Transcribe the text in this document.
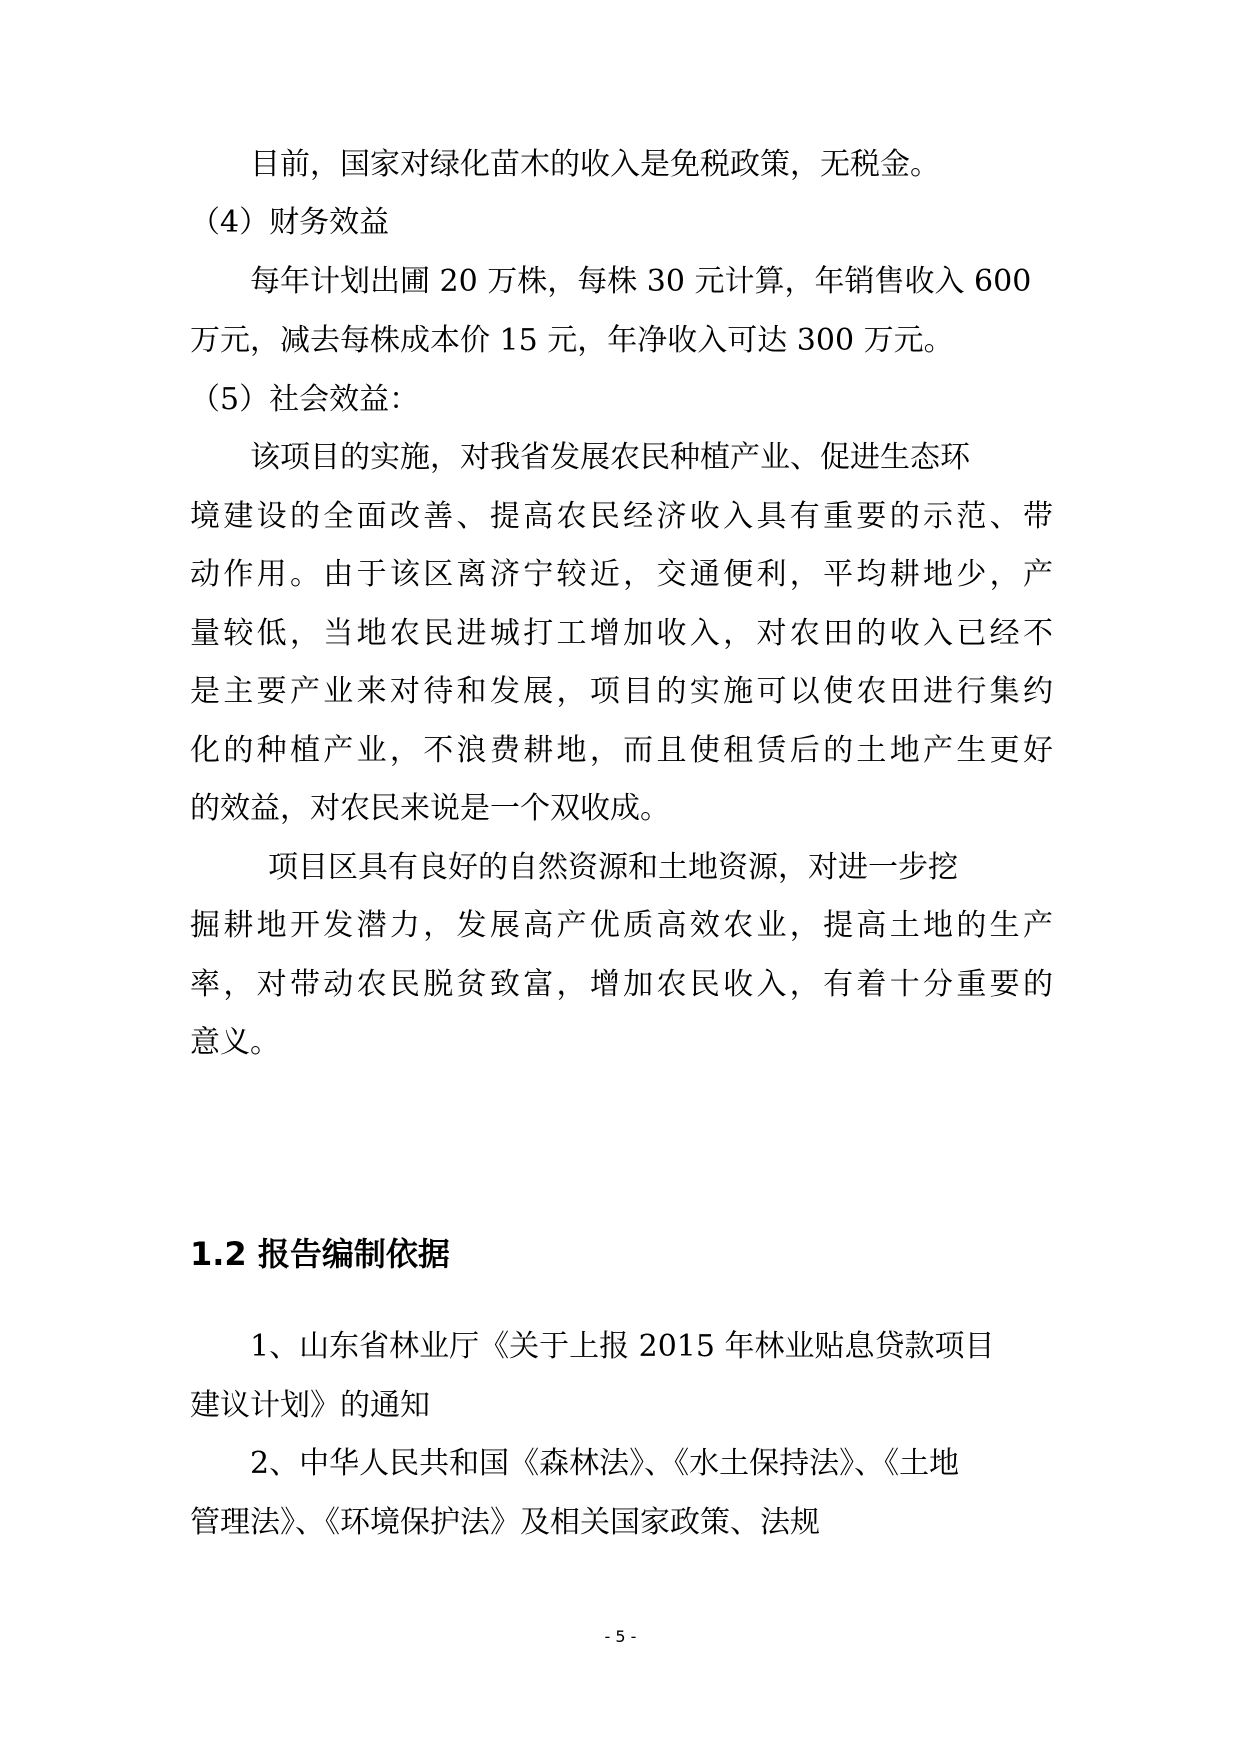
目前，国家对绿化苗木的收入是免税政策，无税金。

（4）财务效益

每年计划出圃 20 万株，每株 30 元计算，年销售收入 600

万元，减去每株成本价 15 元，年净收入可达 300 万元。

（5）社会效益：

该项目的实施，对我省发展农民种植产业、促进生态环

境建设的全面改善、提高农民经济收入具有重要的示范、带

动作用。由于该区离济宁较近，交通便利，平均耕地少，产

量较低，当地农民进城打工增加收入，对农田的收入已经不

是主要产业来对待和发展，项目的实施可以使农田进行集约

化的种植产业，不浪费耕地，而且使租赁后的土地产生更好

的效益，对农民来说是一个双收成。

项目区具有良好的自然资源和土地资源，对进一步挖

掘耕地开发潜力，发展高产优质高效农业，提高土地的生产

率，对带动农民脱贫致富，增加农民收入，有着十分重要的

意义。

1.2 报告编制依据

1、山东省林业厅《关于上报 2015 年林业贴息贷款项目

建议计划》的通知

2、中华人民共和国《森林法》、《水土保持法》、《土地

管理法》、《环境保护法》及相关国家政策、法规

- 5 -
